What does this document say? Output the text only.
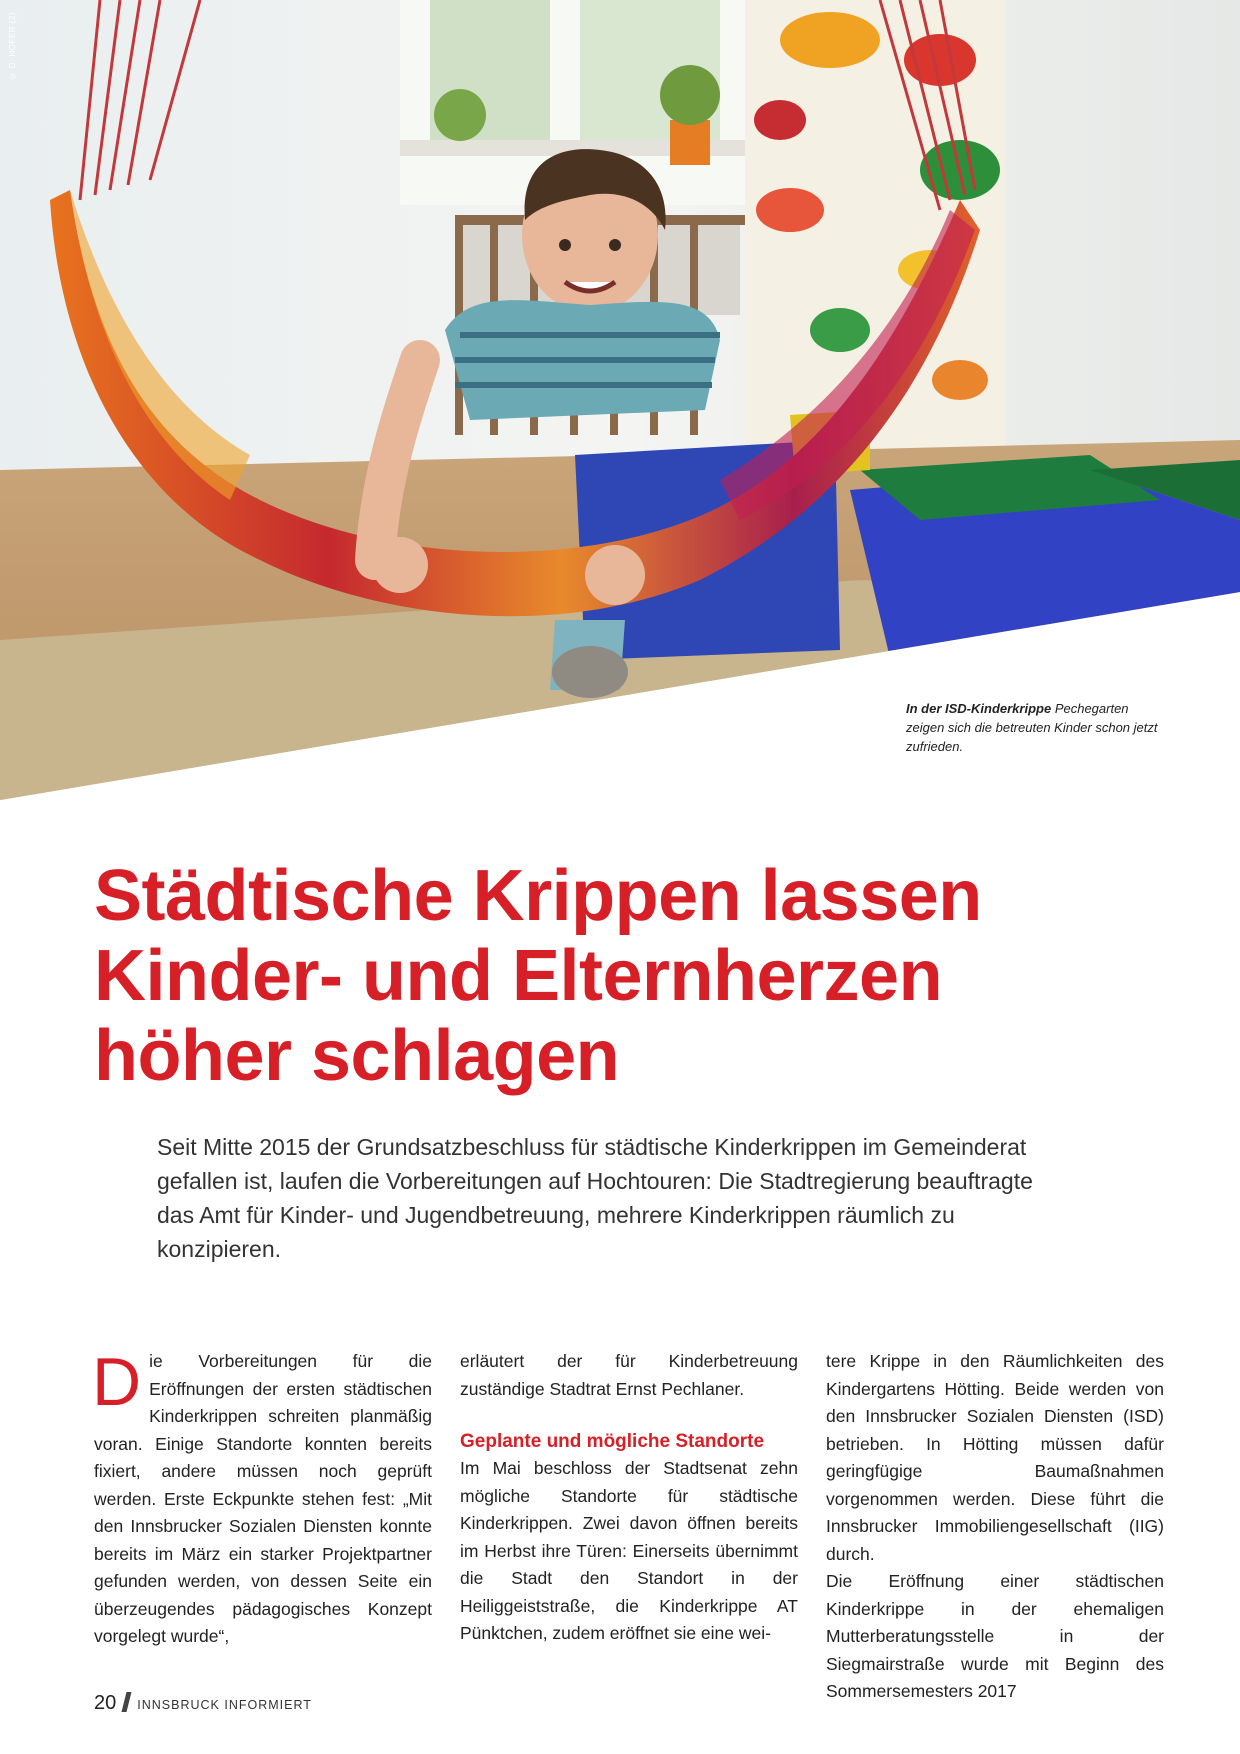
© D. HOFER (2)
In der ISD-Kinderkrippe Pechegarten zeigen sich die betreuten Kinder schon jetzt zufrieden.
Städtische Krippen lassen
Kinder- und Elternherzen
höher schlagen

Seit Mitte 2015 der Grundsatzbeschluss für städtische Kinderkrippen im Gemeinderat gefallen ist, laufen die Vorbereitungen auf Hochtouren: Die Stadtregierung beauftragte das Amt für Kinder- und Jugendbetreuung, mehrere Kinderkrippen räumlich zu konzipieren.

D ie Vorbereitungen für die Eröffnungen der ersten städtischen Kinderkrippen schreiten planmäßig voran. Einige Standorte konnten bereits fixiert, andere müssen noch geprüft werden. Erste Eckpunkte stehen fest: „Mit den Innsbrucker Sozialen Diensten konnte bereits im März ein starker Projektpartner gefunden werden, von dessen Seite ein überzeugendes pädagogisches Konzept vorgelegt wurde“,

erläutert der für Kinderbetreuung zuständige Stadtrat Ernst Pechlaner.

Geplante und mögliche Standorte

Im Mai beschloss der Stadtsenat zehn mögliche Standorte für städtische Kinderkrippen. Zwei davon öffnen bereits im Herbst ihre Türen: Einerseits übernimmt die Stadt den Standort in der Heiliggeiststraße, die Kinderkrippe AT Pünktchen, zudem eröffnet sie eine wei-

tere Krippe in den Räumlichkeiten des Kindergartens Hötting. Beide werden von den Innsbrucker Sozialen Diensten (ISD) betrieben. In Hötting müssen dafür geringfügige Baumaßnahmen vorgenommen werden. Diese führt die Innsbrucker Immobiliengesellschaft (IIG) durch.

Die Eröffnung einer städtischen Kinderkrippe in der ehemaligen Mutterberatungsstelle in der Siegmairstraße wurde mit Beginn des Sommersemesters 2017

20 INNSBRUCK INFORMIERT
